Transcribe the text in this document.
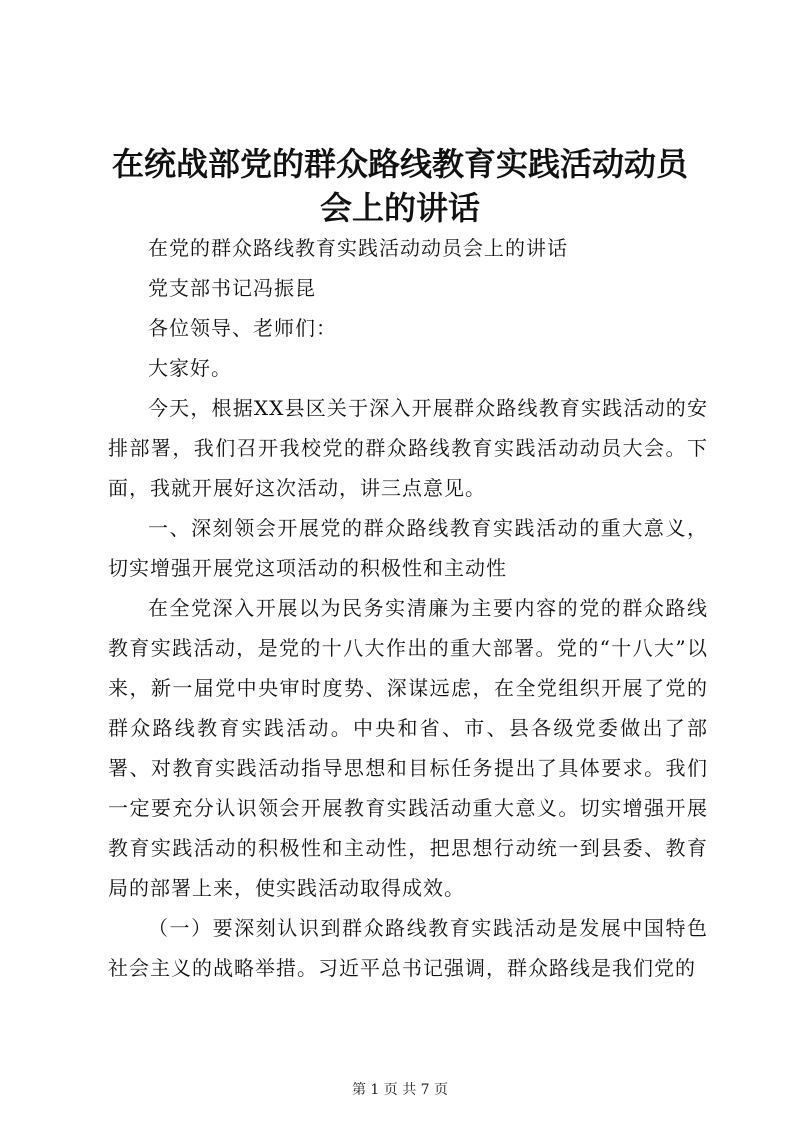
在统战部党的群众路线教育实践活动动员会上的讲话

在党的群众路线教育实践活动动员会上的讲话

党支部书记冯振昆

各位领导、老师们：

大家好。

今天，根据XX县区关于深入开展群众路线教育实践活动的安排部署，我们召开我校党的群众路线教育实践活动动员大会。下面，我就开展好这次活动，讲三点意见。

一、深刻领会开展党的群众路线教育实践活动的重大意义，切实增强开展党这项活动的积极性和主动性

在全党深入开展以为民务实清廉为主要内容的党的群众路线教育实践活动，是党的十八大作出的重大部署。党的“十八大”以来，新一届党中央审时度势、深谋远虑，在全党组织开展了党的群众路线教育实践活动。中央和省、市、县各级党委做出了部署、对教育实践活动指导思想和目标任务提出了具体要求。我们一定要充分认识领会开展教育实践活动重大意义。切实增强开展教育实践活动的积极性和主动性，把思想行动统一到县委、教育局的部署上来，使实践活动取得成效。

（一）要深刻认识到群众路线教育实践活动是发展中国特色社会主义的战略举措。习近平总书记强调，群众路线是我们党的

第 1 页 共 7 页
